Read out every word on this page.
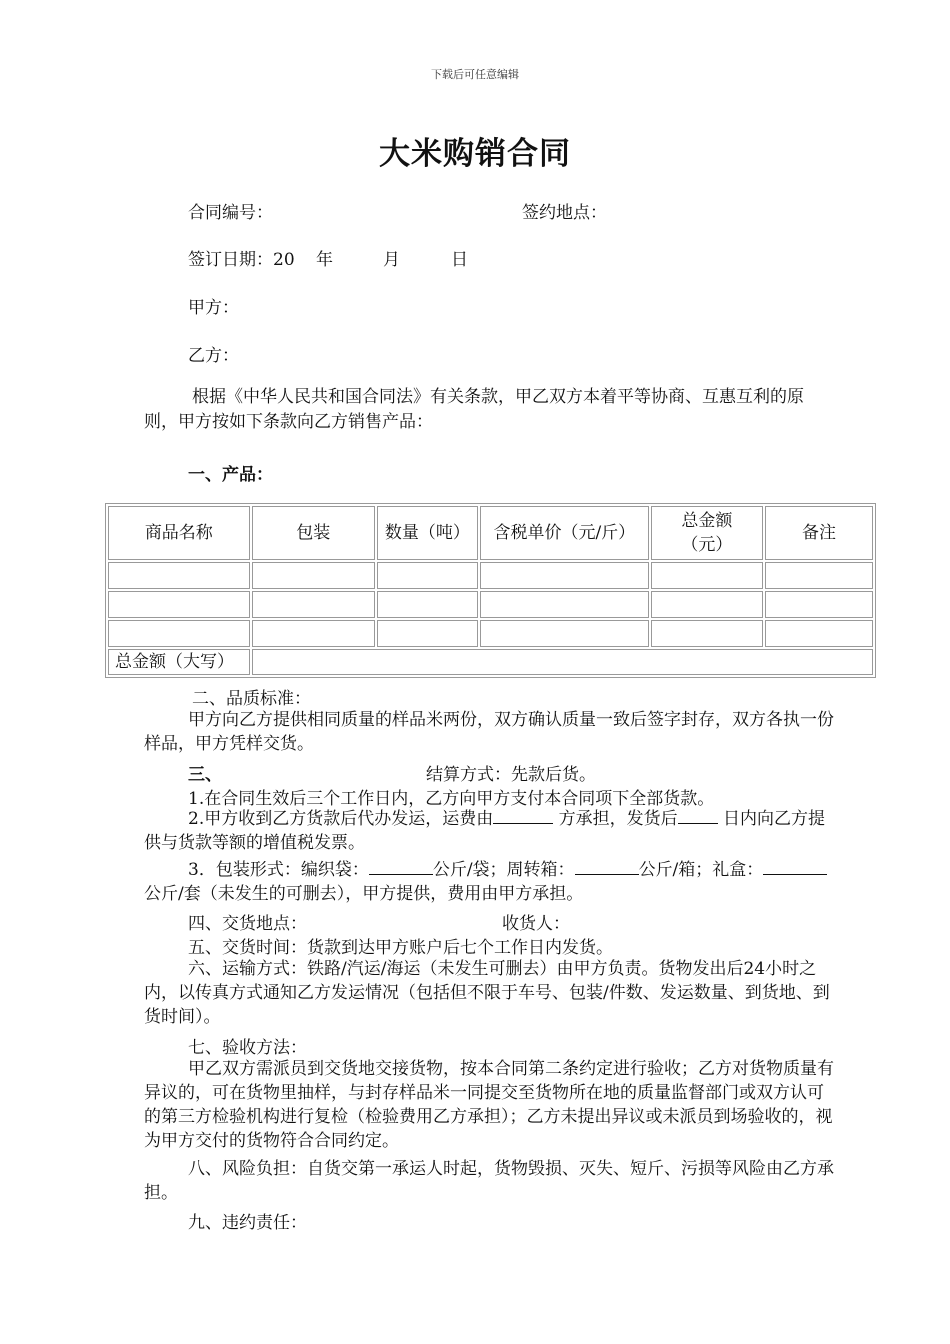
下载后可任意编辑
大米购销合同
合同编号：	签约地点：
签订日期：20 年	月	日
甲方：
乙方：
根据《中华人民共和国合同法》有关条款，甲乙双方本着平等协商、互惠互利的原则，甲方按如下条款向乙方销售产品：
一、产品：
商品名称	包装	数量（吨）	含税单价（元/斤）	总金额（元）	备注

总金额（大写）					
二、品质标准：
甲方向乙方提供相同质量的样品米两份，双方确认质量一致后签字封存，双方各执一份样品，甲方凭样交货。
三、	结算方式：先款后货。
1.在合同生效后三个工作日内，乙方向甲方支付本合同项下全部货款。
2.甲方收到乙方货款后代办发运，运费由	方承担，发货后	日内向乙方提供与货款等额的增值税发票。
3．包装形式：编织袋：	公斤/袋；周转箱：	公斤/箱；礼盒：公斤/套（未发生的可删去），甲方提供，费用由甲方承担。
四、交货地点：	收货人：
五、交货时间：货款到达甲方账户后七个工作日内发货。
六、运输方式：铁路/汽运/海运（未发生可删去）由甲方负责。货物发出后24小时之内，以传真方式通知乙方发运情况（包括但不限于车号、包装/件数、发运数量、到货地、到货时间）。
七、验收方法：
甲乙双方需派员到交货地交接货物，按本合同第二条约定进行验收；乙方对货物质量有异议的，可在货物里抽样，与封存样品米一同提交至货物所在地的质量监督部门或双方认可的第三方检验机构进行复检（检验费用乙方承担）；乙方未提出异议或未派员到场验收的，视为甲方交付的货物符合合同约定。
八、风险负担：自货交第一承运人时起，货物毁损、灭失、短斤、污损等风险由乙方承担。
九、违约责任：
